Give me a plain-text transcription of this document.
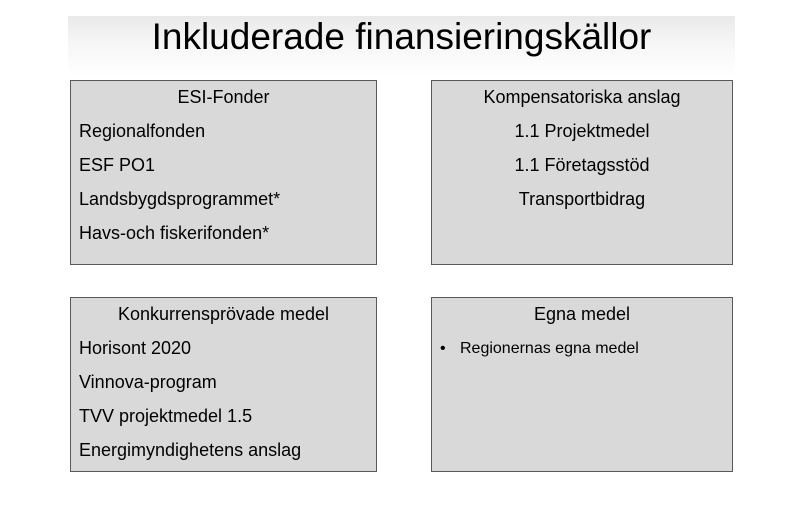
Inkluderade finansieringskällor
ESI-Fonder
Regionalfonden
ESF PO1
Landsbygdsprogrammet*
Havs-och fiskerifonden*
Kompensatoriska anslag
1.1 Projektmedel
1.1 Företagsstöd
Transportbidrag
Konkurrensprövade medel
Horisont 2020
Vinnova-program
TVV projektmedel 1.5
Energimyndighetens anslag
Egna medel
• Regionernas egna medel
